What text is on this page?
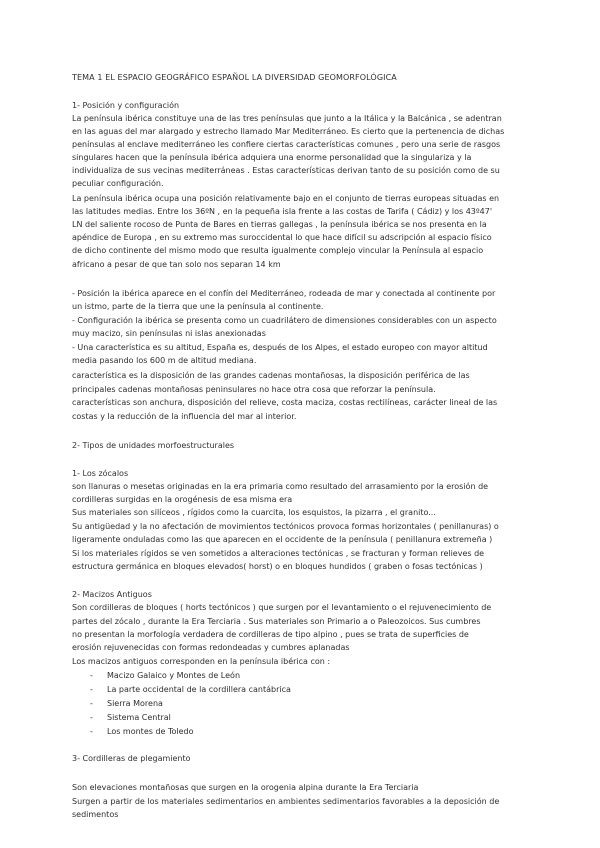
TEMA 1 EL ESPACIO GEOGRÁFICO ESPAÑOL LA DIVERSIDAD GEOMORFOLÓGICA
1- Posición y configuración
La península ibérica constituye una de las tres penínsulas que junto a la Itálica y la Balcánica , se adentran
en las aguas del mar alargado y estrecho llamado Mar Mediterráneo. Es cierto que la pertenencia de dichas
penínsulas al enclave mediterráneo les confiere ciertas características comunes , pero una serie de rasgos
singulares hacen que la península ibérica adquiera una enorme personalidad que la singulariza y la
individualiza de sus vecinas mediterráneas . Estas características derivan tanto de su posición como de su
peculiar configuración.
La península ibérica ocupa una posición relativamente bajo en el conjunto de tierras europeas situadas en
las latitudes medias. Entre los 36ºN , en la pequeña isla frente a las costas de Tarifa ( Cádiz) y los 43º47'
LN del saliente rocoso de Punta de Bares en tierras gallegas , la península ibérica se nos presenta en la
apéndice de Europa , en su extremo mas suroccidental lo que hace difícil su adscripción al espacio físico
de dicho continente del mismo modo que resulta igualmente complejo vincular la Península al espacio
africano a pesar de que tan solo nos separan 14 km
- Posición la ibérica aparece en el confín del Mediterráneo, rodeada de mar y conectada al continente por
un istmo, parte de la tierra que une la península al continente.
- Configuración la ibérica se presenta como un cuadrilátero de dimensiones considerables con un aspecto
muy macizo, sin penínsulas ni islas anexionadas
- Una característica es su altitud, España es, después de los Alpes, el estado europeo con mayor altitud
media pasando los 600 m de altitud mediana.
característica es la disposición de las grandes cadenas montañosas, la disposición periférica de las
principales cadenas montañosas peninsulares no hace otra cosa que reforzar la península.
características son anchura, disposición del relieve, costa maciza, costas rectilíneas, carácter lineal de las
costas y la reducción de la influencia del mar al interior.
2- Tipos de unidades morfoestructurales
1- Los zócalos
son llanuras o mesetas originadas en la era primaria como resultado del arrasamiento por la erosión de
cordilleras surgidas en la orogénesis de esa misma era
Sus materiales son silíceos , rígidos como la cuarcita, los esquistos, la pizarra , el granito...
Su antigüedad y la no afectación de movimientos tectónicos provoca formas horizontales ( penillanuras) o
ligeramente onduladas como las que aparecen en el occidente de la península ( penillanura extremeña )
Si los materiales rígidos se ven sometidos a alteraciones tectónicas , se fracturan y forman relieves de
estructura germánica en bloques elevados( horst) o en bloques hundidos ( graben o fosas tectónicas )
2- Macizos Antiguos
Son cordilleras de bloques ( horts tectónicos ) que surgen por el levantamiento o el rejuvenecimiento de
partes del zócalo , durante la Era Terciaria . Sus materiales son Primario a o Paleozoicos. Sus cumbres
no presentan la morfología verdadera de cordilleras de tipo alpino , pues se trata de superficies de
erosión rejuvenecidas con formas redondeadas y cumbres aplanadas
Los macizos antiguos corresponden en la península ibérica con :
- Macizo Galaico y Montes de León
- La parte occidental de la cordillera cantábrica
- Sierra Morena
- Sistema Central
- Los montes de Toledo
3- Cordilleras de plegamiento
Son elevaciones montañosas que surgen en la orogenia alpina durante la Era Terciaria
Surgen a partir de los materiales sedimentarios en ambientes sedimentarios favorables a la deposición de
sedimentos
